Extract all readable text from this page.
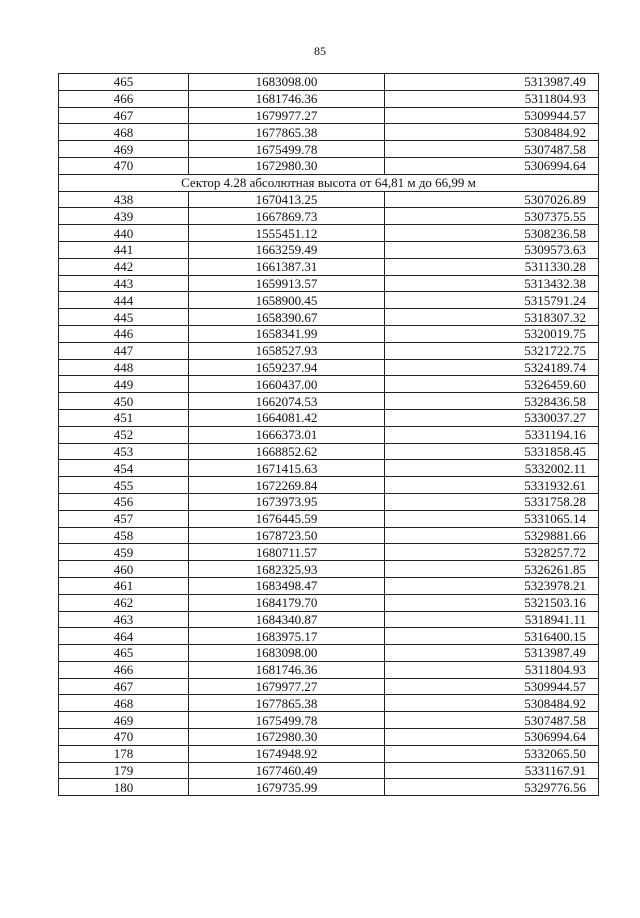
85
465	1683098.00	5313987.49
466	1681746.36	5311804.93
467	1679977.27	5309944.57
468	1677865.38	5308484.92
469	1675499.78	5307487.58
470	1672980.30	5306994.64
Сектор 4.28 абсолютная высота от 64,81 м до 66,99 м		
438	1670413.25	5307026.89
439	1667869.73	5307375.55
440	1555451.12	5308236.58
441	1663259.49	5309573.63
442	1661387.31	5311330.28
443	1659913.57	5313432.38
444	1658900.45	5315791.24
445	1658390.67	5318307.32
446	1658341.99	5320019.75
447	1658527.93	5321722.75
448	1659237.94	5324189.74
449	1660437.00	5326459.60
450	1662074.53	5328436.58
451	1664081.42	5330037.27
452	1666373.01	5331194.16
453	1668852.62	5331858.45
454	1671415.63	5332002.11
455	1672269.84	5331932.61
456	1673973.95	5331758.28
457	1676445.59	5331065.14
458	1678723.50	5329881.66
459	1680711.57	5328257.72
460	1682325.93	5326261.85
461	1683498.47	5323978.21
462	1684179.70	5321503.16
463	1684340.87	5318941.11
464	1683975.17	5316400.15
465	1683098.00	5313987.49
466	1681746.36	5311804.93
467	1679977.27	5309944.57
468	1677865.38	5308484.92
469	1675499.78	5307487.58
470	1672980.30	5306994.64
178	1674948.92	5332065.50
179	1677460.49	5331167.91
180	1679735.99	5329776.56
